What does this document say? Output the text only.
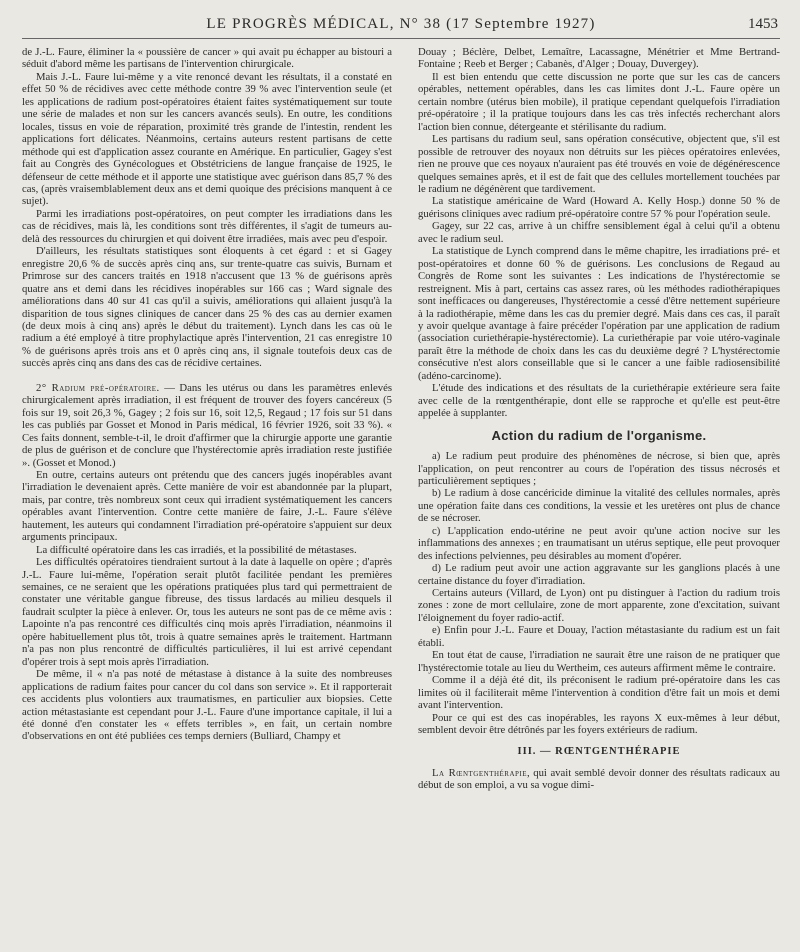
LE PROGRÈS MÉDICAL, N° 38 (17 Septembre 1927)	1453

de J.-L. Faure, éliminer la « poussière de cancer » qui avait pu échapper au bistouri a séduit d'abord même les partisans de l'intervention chirurgicale.

Mais J.-L. Faure lui-même y a vite renoncé devant les résultats, il a constaté en effet 50 % de récidives avec cette méthode contre 39 % avec l'intervention seule (et les applications de radium post-opératoires étaient faites systématiquement sur toute une série de malades et non sur les cancers avancés seuls). En outre, les conditions locales, tissus en voie de réparation, proximité très grande de l'intestin, rendent les applications fort délicates. Néanmoins, certains auteurs restent partisans de cette méthode qui est d'application assez courante en Amérique. En particulier, Gagey s'est fait au Congrès des Gynécologues et Obstétriciens de langue française de 1925, le défenseur de cette méthode et il apporte une statistique avec guérison dans 85,7 % des cas, (après vraisemblablement deux ans et demi quoique des précisions manquent à ce sujet).

Parmi les irradiations post-opératoires, on peut compter les irradiations dans les cas de récidives, mais là, les conditions sont très différentes, il s'agit de tumeurs au-delà des ressources du chirurgien et qui doivent être irradiées, mais avec peu d'espoir.

D'ailleurs, les résultats statistiques sont éloquents à cet égard : et si Gagey enregistre 20,6 % de succès après cinq ans, sur trente-quatre cas suivis, Burnam et Primrose sur des cancers traités en 1918 n'accusent que 13 % de guérisons après quatre ans et demi dans les récidives inopérables sur 166 cas ; Ward signale des améliorations dans 40 sur 41 cas qu'il a suivis, améliorations qui allaient jusqu'à la disparition de tous signes cliniques de cancer dans 25 % des cas au dernier examen (de deux mois à cinq ans) après le début du traitement). Lynch dans les cas où le radium a été employé à titre prophylactique après l'intervention, 21 cas enregistre 10 % de guérisons après trois ans et 0 après cinq ans, il signale toutefois deux cas de succès après cinq ans dans des cas de récidive certaines.

2° Radium pré-opératoire. — Dans les utérus ou dans les paramètres enlevés chirurgicalement après irradiation, il est fréquent de trouver des foyers cancéreux (5 fois sur 19, soit 26,3 %, Gagey ; 2 fois sur 16, soit 12,5, Regaud ; 17 fois sur 51 dans les cas publiés par Gosset et Monod in Paris médical, 16 février 1926, soit 33 %). « Ces faits donnent, semble-t-il, le droit d'affirmer que la chirurgie apporte une garantie de plus de guérison et de conclure que l'hystérectomie après irradiation reste justifiée ». (Gosset et Monod.)

En outre, certains auteurs ont prétendu que des cancers jugés inopérables avant l'irradiation le devenaient après. Cette manière de voir est abandonnée par la plupart, mais, par contre, très nombreux sont ceux qui irradient systématiquement les cancers opérables avant l'intervention. Contre cette manière de faire, J.-L. Faure s'élève hautement, les auteurs qui condamnent l'irradiation pré-opératoire s'appuient sur deux arguments principaux.

La difficulté opératoire dans les cas irradiés, et la possibilité de métastases.

Les difficultés opératoires tiendraient surtout à la date à laquelle on opère ; d'après J.-L. Faure lui-même, l'opération serait plutôt facilitée pendant les premières semaines, ce ne seraient que les opérations pratiquées plus tard qui permettraient de constater une véritable gangue fibreuse, des tissus lardacés au milieu desquels il faudrait sculpter la pièce à enlever. Or, tous les auteurs ne sont pas de ce même avis : Lapointe n'a pas rencontré ces difficultés cinq mois après l'irradiation, néanmoins il opère habituellement plus tôt, trois à quatre semaines après le traitement. Hartmann n'a pas non plus rencontré de difficultés particulières, il lui est arrivé cependant d'opérer trois à sept mois après l'irradiation.

De même, il « n'a pas noté de métastase à distance à la suite des nombreuses applications de radium faites pour cancer du col dans son service ». Et il rapporterait ces accidents plus volontiers aux traumatismes, en particulier aux biopsies. Cette action métastasiante est cependant pour J.-L. Faure d'une importance capitale, il lui a été donné d'en constater les « effets terribles », en fait, un certain nombre d'observations en ont été publiées ces temps derniers (Bulliard, Champy et

Douay ; Béclère, Delbet, Lemaître, Lacassagne, Ménétrier et Mme Bertrand-Fontaine ; Reeb et Berger ; Cabanès, d'Alger ; Douay, Duvergey).

Il est bien entendu que cette discussion ne porte que sur les cas de cancers opérables, nettement opérables, dans les cas limites dont J.-L. Faure opère un certain nombre (utérus bien mobile), il pratique cependant quelquefois l'irradiation pré-opératoire ; il la pratique toujours dans les cas très infectés recherchant alors l'action bien connue, détergeante et stérilisante du radium.

Les partisans du radium seul, sans opération consécutive, objectent que, s'il est possible de retrouver des noyaux non détruits sur les pièces opératoires enlevées, rien ne prouve que ces noyaux n'auraient pas été trouvés en voie de dégénérescence quelques semaines après, et il est de fait que des cellules mortellement touchées par le radium ne dégénèrent que tardivement.

La statistique américaine de Ward (Howard A. Kelly Hosp.) donne 50 % de guérisons cliniques avec radium pré-opératoire contre 57 % pour l'opération seule.

Gagey, sur 22 cas, arrive à un chiffre sensiblement égal à celui qu'il a obtenu avec le radium seul.

La statistique de Lynch comprend dans le même chapitre, les irradiations pré- et post-opératoires et donne 60 % de guérisons. Les conclusions de Regaud au Congrès de Rome sont les suivantes : Les indications de l'hystérectomie se restreignent. Mis à part, certains cas assez rares, où les méthodes radiothérapiques sont inefficaces ou dangereuses, l'hystérectomie a cessé d'être nettement supérieure à la radiothérapie, même dans les cas du premier degré. Mais dans ces cas, il paraît y avoir quelque avantage à faire précéder l'opération par une application de radium (association curiethérapie-hystérectomie). La curiethérapie par voie utéro-vaginale paraît être la méthode de choix dans les cas du deuxième degré ? L'hystérectomie consécutive n'est alors conseillable que si le cancer a une faible radiosensibilité (adéno-carcinome).

L'étude des indications et des résultats de la curiethérapie extérieure sera faite avec celle de la rœntgenthérapie, dont elle se rapproche et qu'elle est peut-être appelée à supplanter.

Action du radium de l'organisme.

a) Le radium peut produire des phénomènes de nécrose, si bien que, après l'application, on peut rencontrer au cours de l'opération des tissus nécrosés et particulièrement septiques ;

b) Le radium à dose cancéricide diminue la vitalité des cellules normales, après une opération faite dans ces conditions, la vessie et les uretères ont plus de chance de se nécroser.

c) L'application endo-utérine ne peut avoir qu'une action nocive sur les inflammations des annexes ; en traumatisant un utérus septique, elle peut provoquer des infections pelviennes, peu désirables au moment d'opérer.

d) Le radium peut avoir une action aggravante sur les ganglions placés à une certaine distance du foyer d'irradiation.

Certains auteurs (Villard, de Lyon) ont pu distinguer à l'action du radium trois zones : zone de mort cellulaire, zone de mort apparente, zone d'excitation, suivant l'éloignement du foyer radio-actif.

e) Enfin pour J.-L. Faure et Douay, l'action métastasiante du radium est un fait établi.

En tout état de cause, l'irradiation ne saurait être une raison de ne pratiquer que l'hystérectomie totale au lieu du Wertheim, ces auteurs affirment même le contraire.

Comme il a déjà été dit, ils préconisent le radium pré-opératoire dans les cas limites où il faciliterait même l'intervention à condition d'être fait un mois et demi avant l'intervention.

Pour ce qui est des cas inopérables, les rayons X eux-mêmes à leur début, semblent devoir être détrônés par les foyers extérieurs de radium.

III. — RŒNTGENTHÉRAPIE

La Rœntgenthérapie, qui avait semblé devoir donner des résultats radicaux au début de son emploi, a vu sa vogue dimi-
